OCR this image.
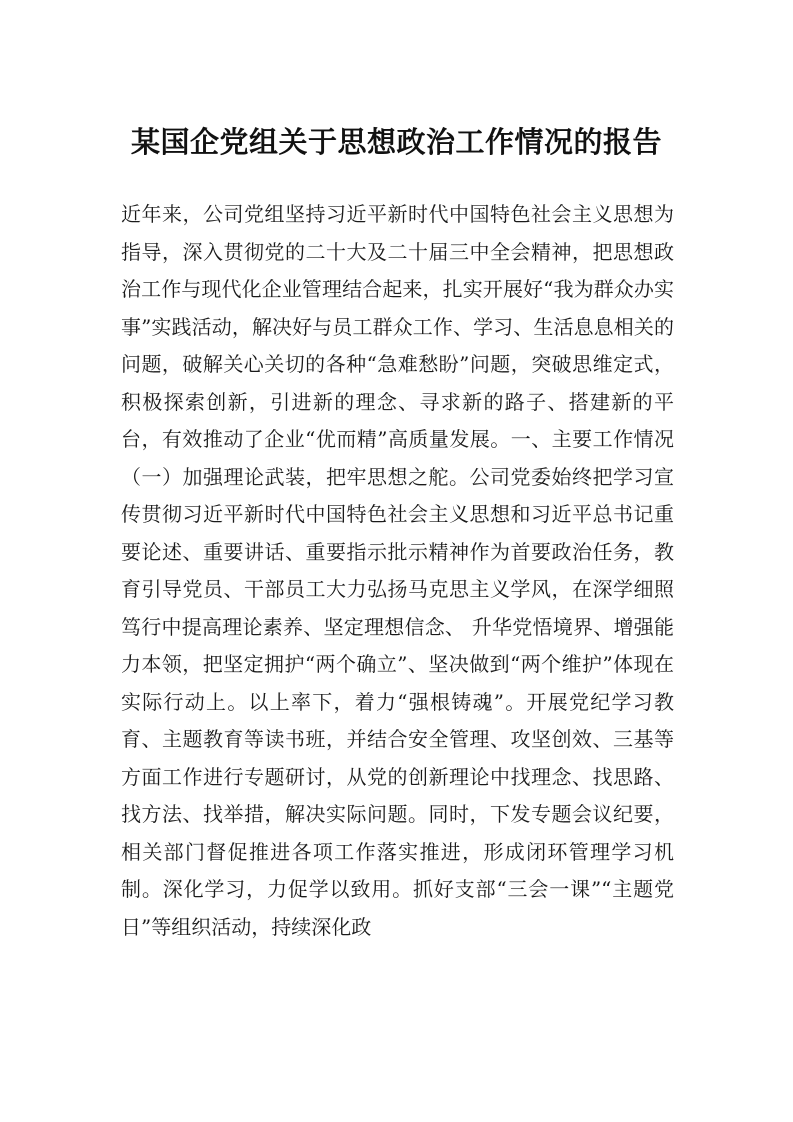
某国企党组关于思想政治工作情况的报告

近年来，公司党组坚持习近平新时代中国特色社会主义思想为指导，深入贯彻党的二十大及二十届三中全会精神，把思想政治工作与现代化企业管理结合起来，扎实开展好“我为群众办实事”实践活动，解决好与员工群众工作、学习、生活息息相关的问题，破解关心关切的各种“急难愁盼”问题，突破思维定式，积极探索创新，引进新的理念、寻求新的路子、搭建新的平台，有效推动了企业“优而精”高质量发展。一、主要工作情况（一）加强理论武装，把牢思想之舵。公司党委始终把学习宣传贯彻习近平新时代中国特色社会主义思想和习近平总书记重要论述、重要讲话、重要指示批示精神作为首要政治任务，教育引导党员、干部员工大力弘扬马克思主义学风，在深学细照笃行中提高理论素养、坚定理想信念、 升华党悟境界、增强能力本领，把坚定拥护“两个确立”、坚决做到“两个维护”体现在实际行动上。以上率下，着力“强根铸魂”。开展党纪学习教育、主题教育等读书班，并结合安全管理、攻坚创效、三基等方面工作进行专题研讨，从党的创新理论中找理念、找思路、找方法、找举措，解决实际问题。同时，下发专题会议纪要，相关部门督促推进各项工作落实推进，形成闭环管理学习机制。深化学习，力促学以致用。抓好支部“三会一课”“主题党日”等组织活动，持续深化政
